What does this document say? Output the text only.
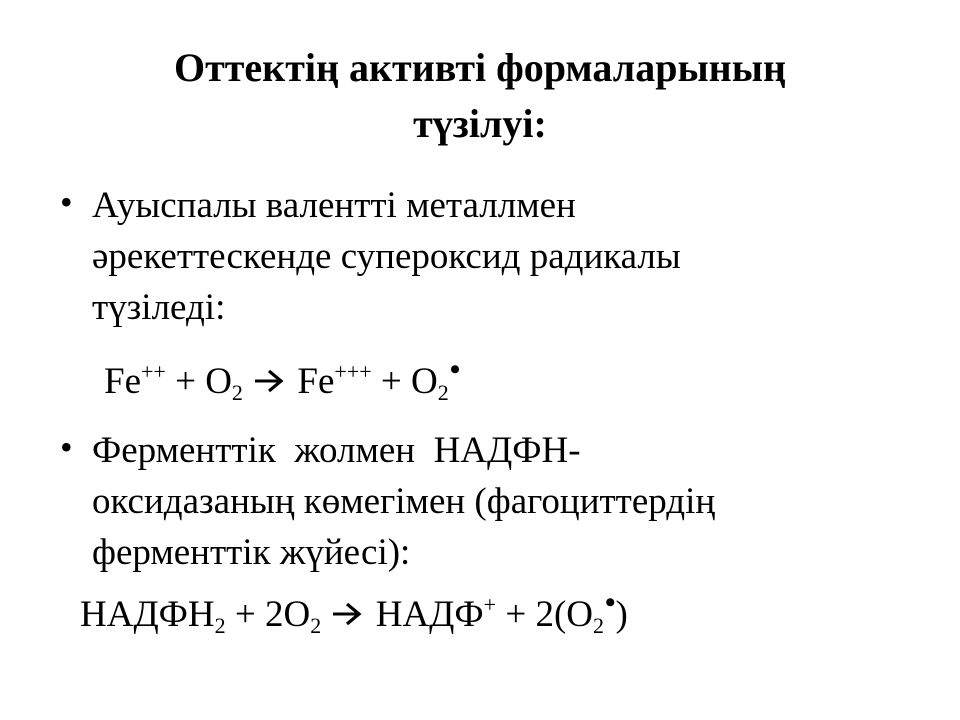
Оттектің активті формаларының
түзілуі:
• Ауыспалы валентті металлмен
әрекеттескенде супероксид радикалы
түзіледі:
$Fe^{++} + O_2$ $Fe^{+++} + O_2^•$
• Ферменттік  жолмен  НАДФН-
оксидазаның көмегімен (фагоциттердің
ферменттік жүйесі):
$НАДФН_2 + 2O_2$ НАДФ+ + $2(O_2^•)$
